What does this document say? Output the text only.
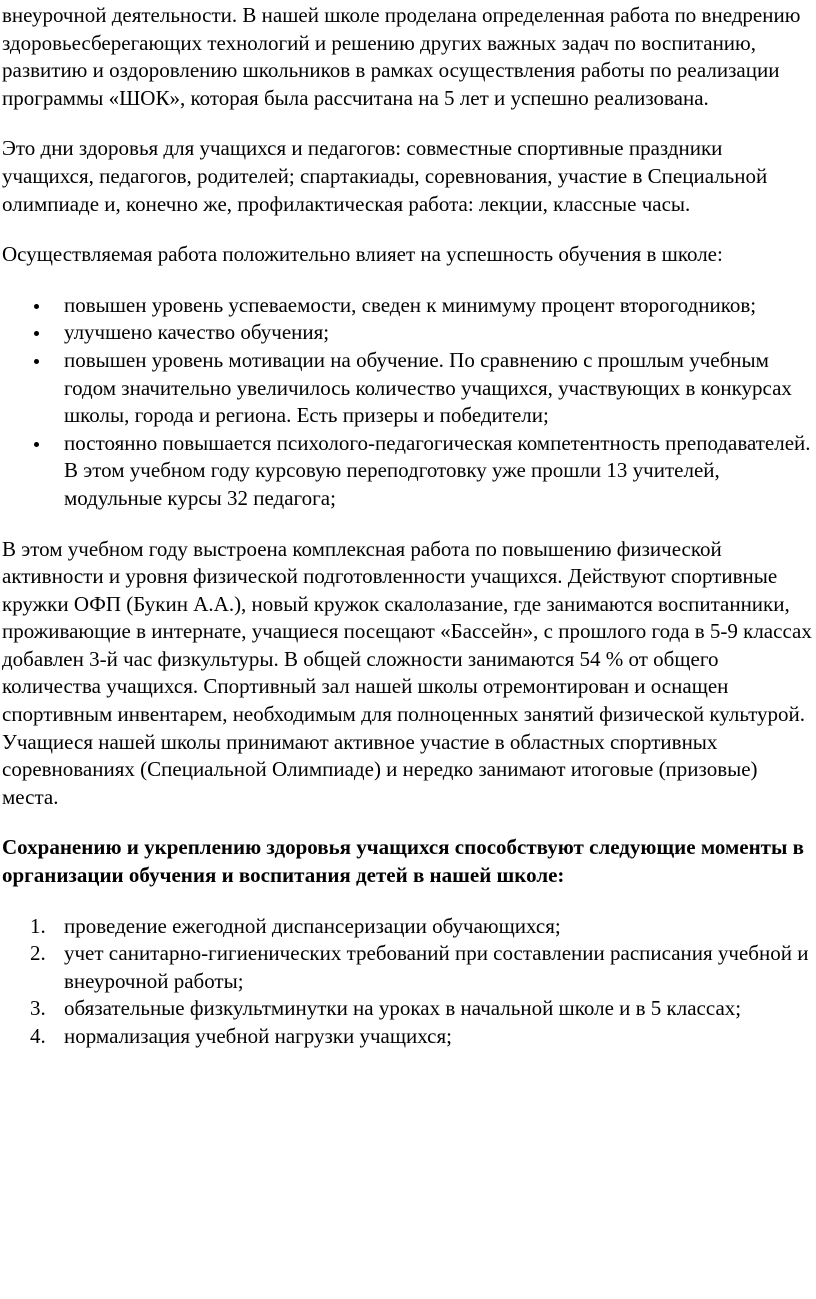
внеурочной деятельности. В нашей школе проделана определенная работа по внедрению здоровьесберегающих технологий и решению других важных задач по воспитанию, развитию и оздоровлению школьников в рамках осуществления работы по реализации программы «ШОК», которая была рассчитана на 5 лет и успешно реализована.

Это дни здоровья для учащихся и педагогов: совместные спортивные праздники учащихся, педагогов, родителей; спартакиады, соревнования, участие в Специальной олимпиаде и, конечно же, профилактическая работа: лекции, классные часы.

Осуществляемая работа положительно влияет на успешность обучения в школе:

повышен уровень успеваемости, сведен к минимуму процент второгодников;
улучшено качество обучения;
повышен уровень мотивации на обучение. По сравнению с прошлым учебным годом значительно увеличилось количество учащихся, участвующих в конкурсах школы, города и региона. Есть призеры и победители;
постоянно повышается психолого-педагогическая компетентность преподавателей. В этом учебном году курсовую переподготовку уже прошли 13 учителей, модульные курсы 32 педагога;

В этом учебном году выстроена комплексная работа по повышению физической активности и уровня физической подготовленности учащихся. Действуют спортивные кружки ОФП (Букин А.А.), новый кружок скалолазание, где занимаются воспитанники, проживающие в интернате, учащиеся посещают «Бассейн», с прошлого года в 5-9 классах добавлен 3-й час физкультуры. В общей сложности занимаются 54 % от общего количества учащихся. Спортивный зал нашей школы отремонтирован и оснащен спортивным инвентарем, необходимым для полноценных занятий физической культурой. Учащиеся нашей школы принимают активное участие в областных спортивных соревнованиях (Специальной Олимпиаде) и нередко занимают итоговые (призовые) места.

Сохранению и укреплению здоровья учащихся способствуют следующие моменты в организации обучения и воспитания детей в нашей школе:

1. проведение ежегодной диспансеризации обучающихся;
2. учет санитарно-гигиенических требований при составлении расписания учебной и внеурочной работы;
3. обязательные физкультминутки на уроках в начальной школе и в 5 классах;
4. нормализация учебной нагрузки учащихся;
